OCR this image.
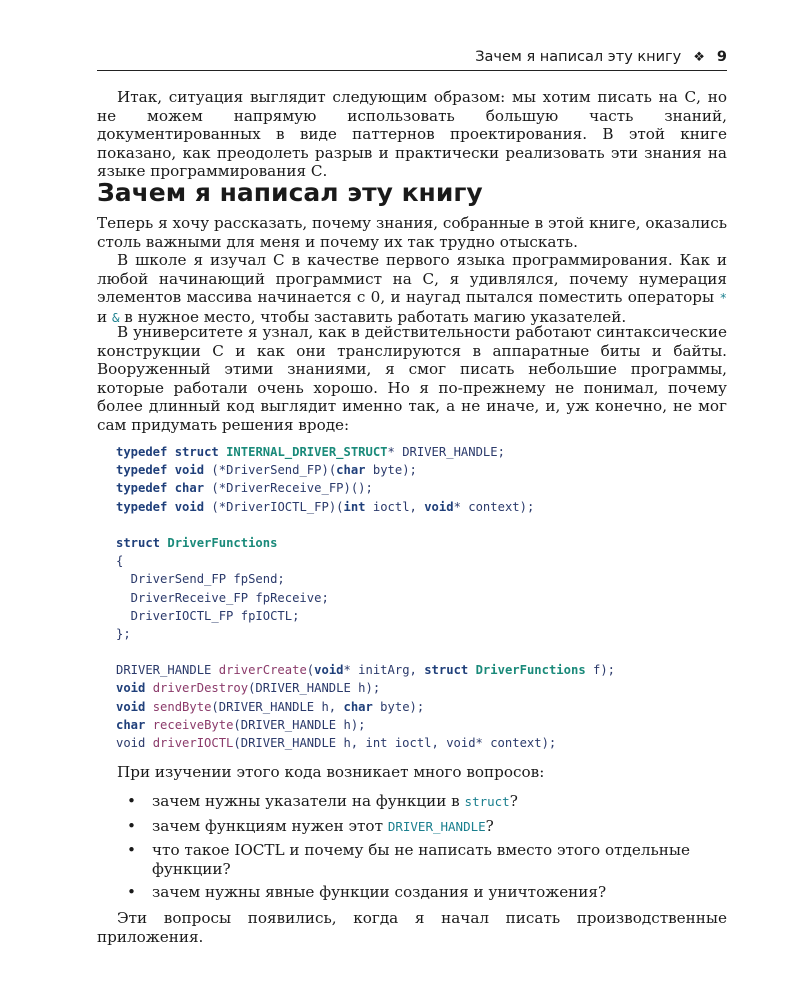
Зачем я написал эту книгу ❖ 9

Итак, ситуация выглядит следующим образом: мы хотим писать на С, но не можем напрямую использовать большую часть знаний, документированных в виде паттернов проектирования. В этой книге показано, как преодолеть разрыв и практически реализовать эти знания на языке программирования С.

Зачем я написал эту книгу

Теперь я хочу рассказать, почему знания, собранные в этой книге, оказались столь важными для меня и почему их так трудно отыскать.

В школе я изучал С в качестве первого языка программирования. Как и любой начинающий программист на С, я удивлялся, почему нумерация элементов массива начинается с 0, и наугад пытался поместить операторы * и & в нужное место, чтобы заставить работать магию указателей.

В университете я узнал, как в действительности работают синтаксические конструкции С и как они транслируются в аппаратные биты и байты. Вооруженный этими знаниями, я смог писать небольшие программы, которые работали очень хорошо. Но я по-прежнему не понимал, почему более длинный код выглядит именно так, а не иначе, и, уж конечно, не мог сам придумать решения вроде:

typedef struct INTERNAL_DRIVER_STRUCT* DRIVER_HANDLE;
typedef void (*DriverSend_FP)(char byte);
typedef char (*DriverReceive_FP)();
typedef void (*DriverIOCTL_FP)(int ioctl, void* context);
struct DriverFunctions
{
DriverSend_FP fpSend;
DriverReceive_FP fpReceive;
DriverIOCTL_FP fpIOCTL;
};
DRIVER_HANDLE driverCreate(void* initArg, struct DriverFunctions f);
void driverDestroy(DRIVER_HANDLE h);
void sendByte(DRIVER_HANDLE h, char byte);
char receiveByte(DRIVER_HANDLE h);
void driverIOCTL(DRIVER_HANDLE h, int ioctl, void* context);

При изучении этого кода возникает много вопросов:

• зачем нужны указатели на функции в struct?
• зачем функциям нужен этот DRIVER_HANDLE?
• что такое IOCTL и почему бы не написать вместо этого отдельные функции?
• зачем нужны явные функции создания и уничтожения?

Эти вопросы появились, когда я начал писать производственные приложения.
